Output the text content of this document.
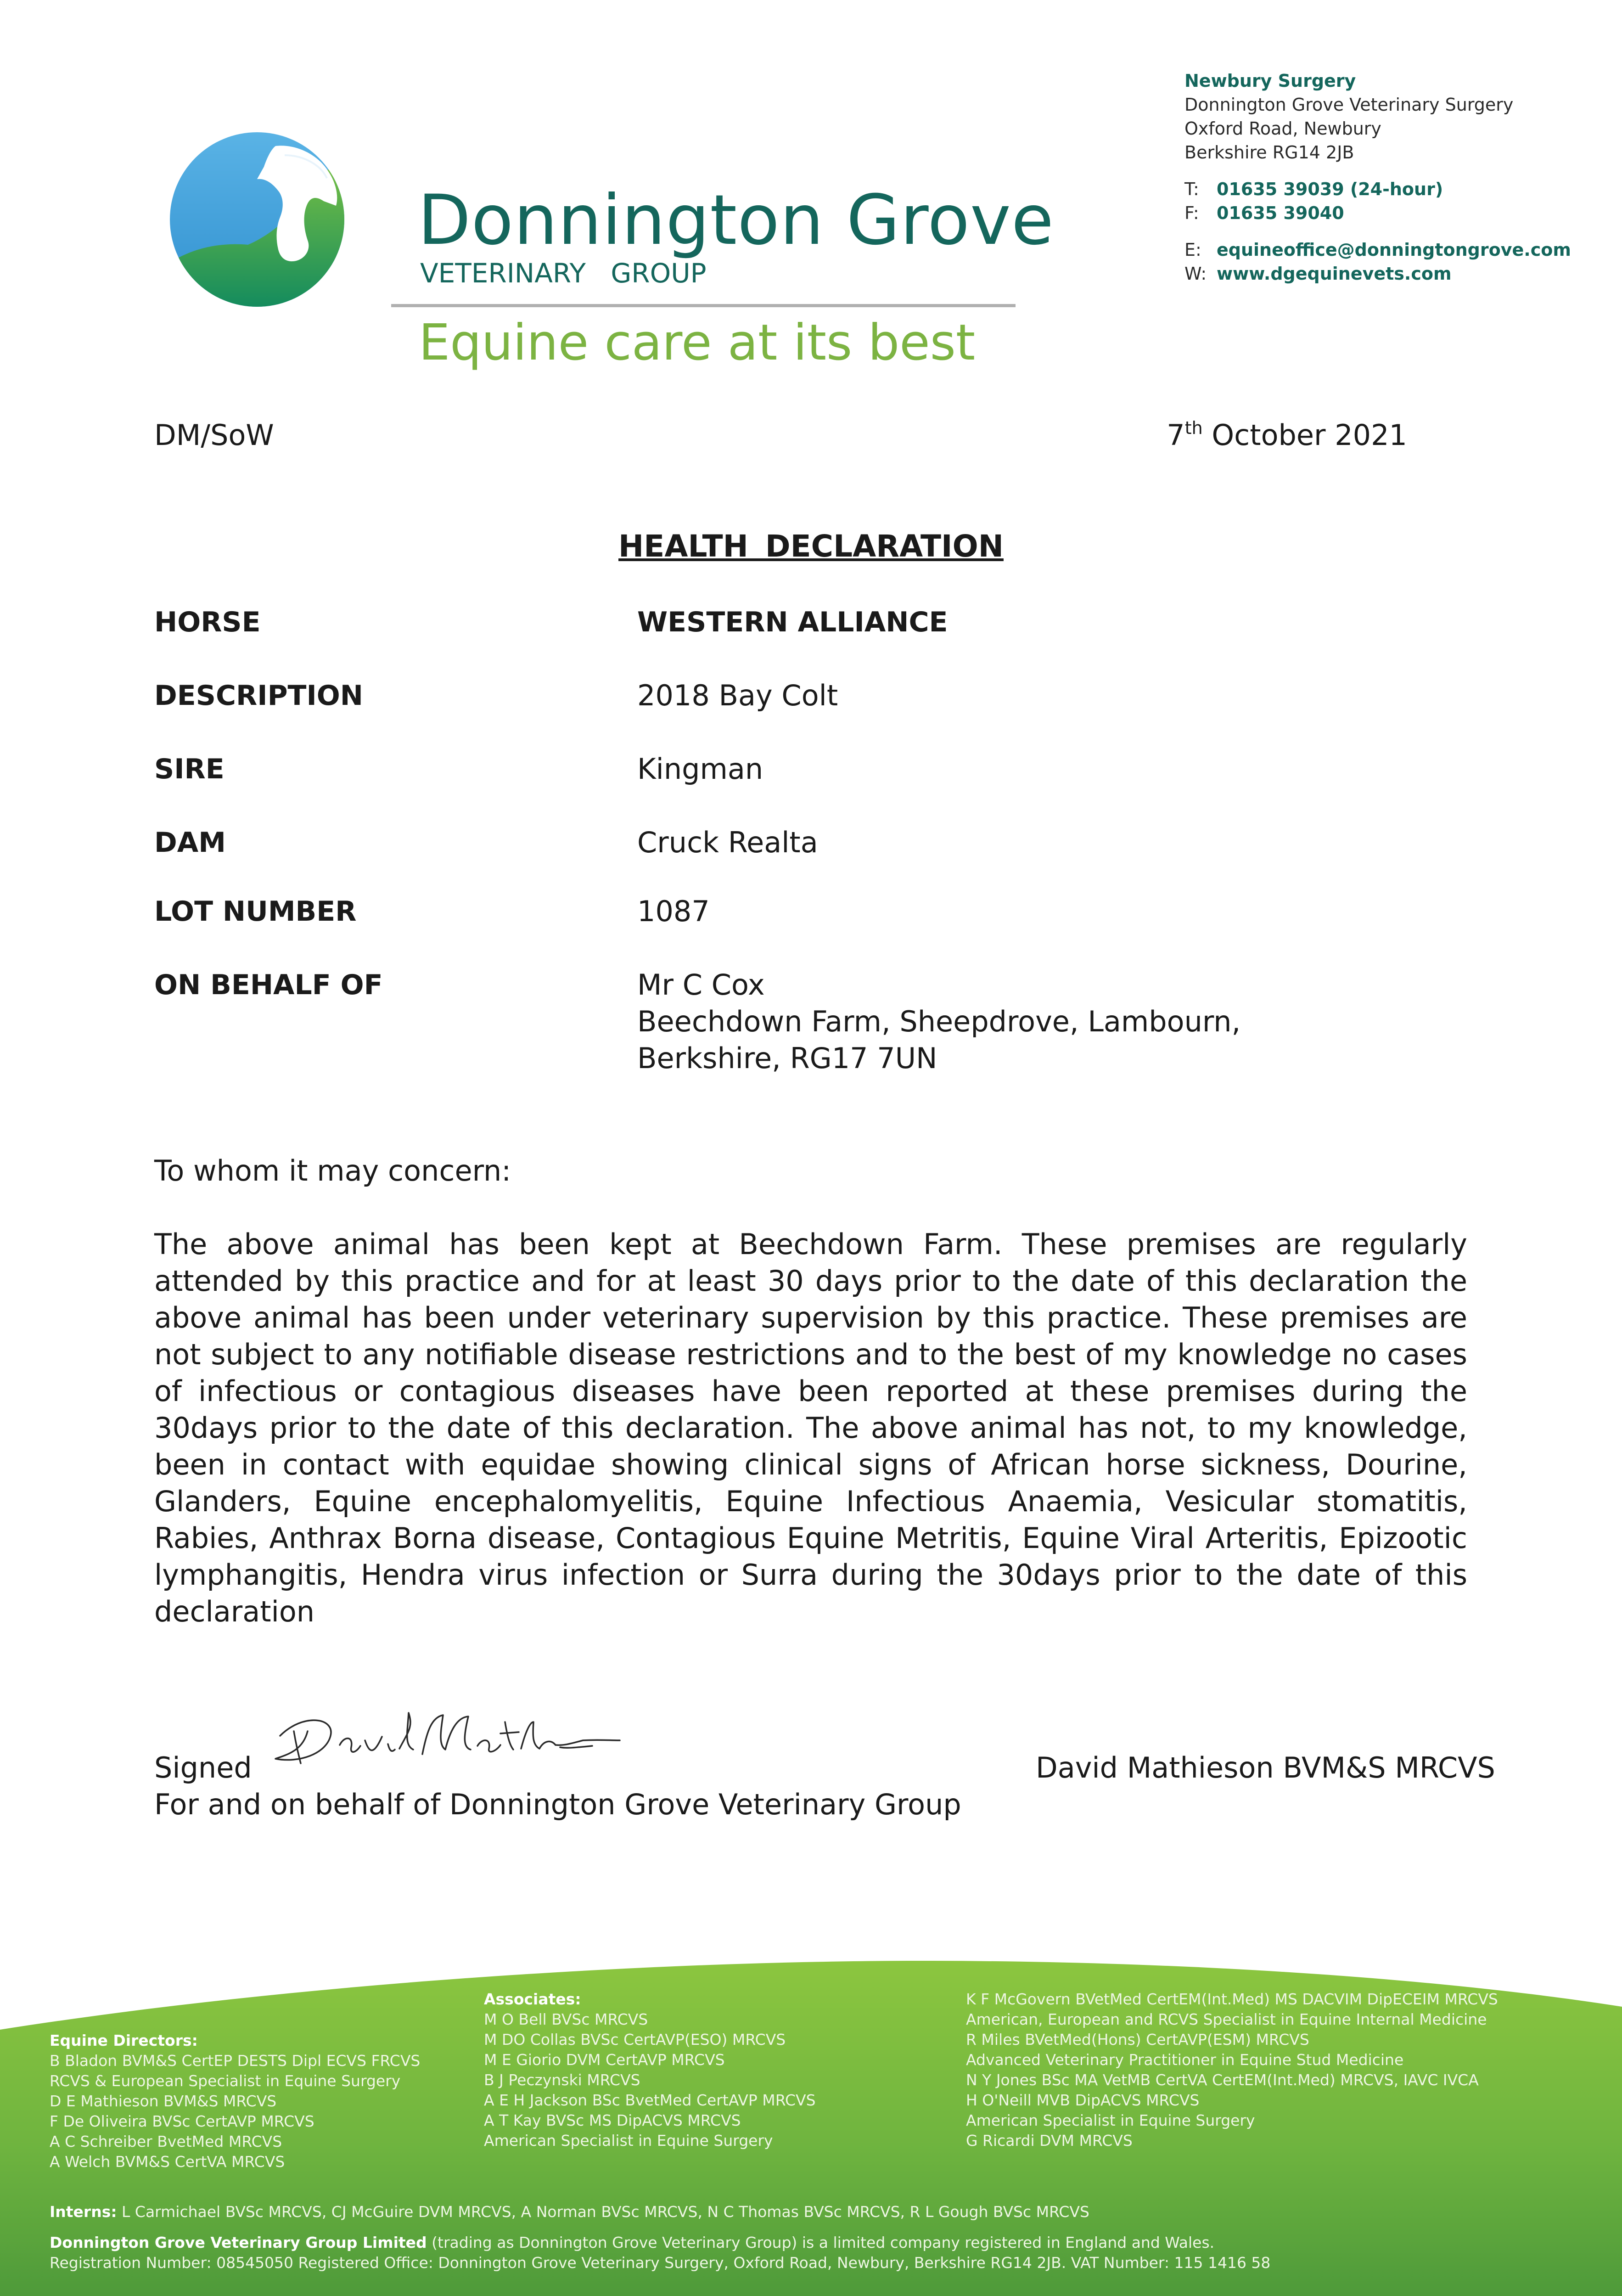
Donnington Grove
VETERINARY GROUP
Equine care at its best
Newbury Surgery
Donnington Grove Veterinary Surgery
Oxford Road, Newbury
Berkshire RG14 2JB
T: 01635 39039 (24-hour)
F: 01635 39040
E: equineoffice@donningtongrove.com
W: www.dgequinevets.com
DM/SoW	7th October 2021
HEALTH DECLARATION
HORSE	WESTERN ALLIANCE
DESCRIPTION	2018 Bay Colt
SIRE	Kingman
DAM	Cruck Realta
LOT NUMBER	1087
ON BEHALF OF	Mr C Cox
Beechdown Farm, Sheepdrove, Lambourn,
Berkshire, RG17 7UN
To whom it may concern:
The above animal has been kept at Beechdown Farm. These premises are regularly attended by this practice and for at least 30 days prior to the date of this declaration the above animal has been under veterinary supervision by this practice. These premises are not subject to any notifiable disease restrictions and to the best of my knowledge no cases of infectious or contagious diseases have been reported at these premises during the 30days prior to the date of this declaration. The above animal has not, to my knowledge, been in contact with equidae showing clinical signs of African horse sickness, Dourine, Glanders, Equine encephalomyelitis, Equine Infectious Anaemia, Vesicular stomatitis, Rabies, Anthrax Borna disease, Contagious Equine Metritis, Equine Viral Arteritis, Epizootic lymphangitis, Hendra virus infection or Surra during the 30days prior to the date of this declaration
Signed
For and on behalf of Donnington Grove Veterinary Group
David Mathieson BVM&S MRCVS
Equine Directors:
B Bladon BVM&S CertEP DESTS Dipl ECVS FRCVS
RCVS & European Specialist in Equine Surgery
D E Mathieson BVM&S MRCVS
F De Oliveira BVSc CertAVP MRCVS
A C Schreiber BvetMed MRCVS
A Welch BVM&S CertVA MRCVS
Associates:
M O Bell BVSc MRCVS
M DO Collas BVSc CertAVP(ESO) MRCVS
M E Giorio DVM CertAVP MRCVS
B J Peczynski MRCVS
A E H Jackson BSc BvetMed CertAVP MRCVS
A T Kay BVSc MS DipACVS MRCVS
American Specialist in Equine Surgery
K F McGovern BVetMed CertEM(Int.Med) MS DACVIM DipECEIM MRCVS
American, European and RCVS Specialist in Equine Internal Medicine
R Miles BVetMed(Hons) CertAVP(ESM) MRCVS
Advanced Veterinary Practitioner in Equine Stud Medicine
N Y Jones BSc MA VetMB CertVA CertEM(Int.Med) MRCVS, IAVC IVCA
H O'Neill MVB DipACVS MRCVS
American Specialist in Equine Surgery
G Ricardi DVM MRCVS
Interns: L Carmichael BVSc MRCVS, CJ McGuire DVM MRCVS, A Norman BVSc MRCVS, N C Thomas BVSc MRCVS, R L Gough BVSc MRCVS
Donnington Grove Veterinary Group Limited (trading as Donnington Grove Veterinary Group) is a limited company registered in England and Wales.
Registration Number: 08545050 Registered Office: Donnington Grove Veterinary Surgery, Oxford Road, Newbury, Berkshire RG14 2JB. VAT Number: 115 1416 58
